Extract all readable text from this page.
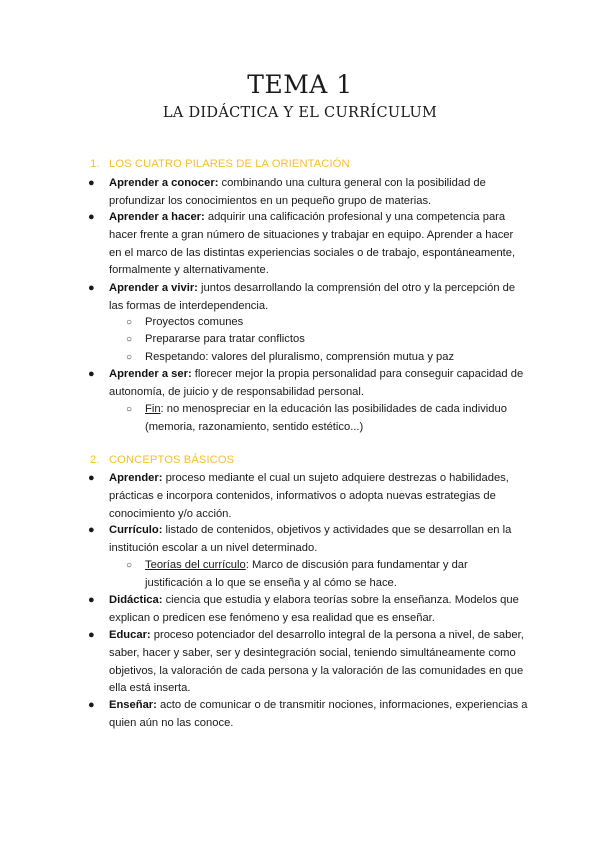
TEMA 1
LA DIDÁCTICA Y EL CURRÍCULUM
1. LOS CUATRO PILARES DE LA ORIENTACIÓN
● Aprender a conocer: combinando una cultura general con la posibilidad de profundizar los conocimientos en un pequeño grupo de materias.
● Aprender a hacer: adquirir una calificación profesional y una competencia para hacer frente a gran número de situaciones y trabajar en equipo. Aprender a hacer en el marco de las distintas experiencias sociales o de trabajo, espontáneamente, formalmente y alternativamente.
● Aprender a vivir: juntos desarrollando la comprensión del otro y la percepción de las formas de interdependencia.
○ Proyectos comunes
○ Prepararse para tratar conflictos
○ Respetando: valores del pluralismo, comprensión mutua y paz
● Aprender a ser: florecer mejor la propia personalidad para conseguir capacidad de autonomía, de juicio y de responsabilidad personal.
○ Fin: no menospreciar en la educación las posibilidades de cada individuo (memoria, razonamiento, sentido estético...)
2. CONCEPTOS BÁSICOS
● Aprender: proceso mediante el cual un sujeto adquiere destrezas o habilidades, prácticas e incorpora contenidos, informativos o adopta nuevas estrategias de conocimiento y/o acción.
● Currículo: listado de contenidos, objetivos y actividades que se desarrollan en la institución escolar a un nivel determinado.
○ Teorías del currículo: Marco de discusión para fundamentar y dar justificación a lo que se enseña y al cómo se hace.
● Didáctica: ciencia que estudia y elabora teorías sobre la enseñanza. Modelos que explican o predicen ese fenómeno y esa realidad que es enseñar.
● Educar: proceso potenciador del desarrollo integral de la persona a nivel, de saber, saber, hacer y saber, ser y desintegración social, teniendo simultáneamente como objetivos, la valoración de cada persona y la valoración de las comunidades en que ella está inserta.
● Enseñar: acto de comunicar o de transmitir nociones, informaciones, experiencias a quien aún no las conoce.
